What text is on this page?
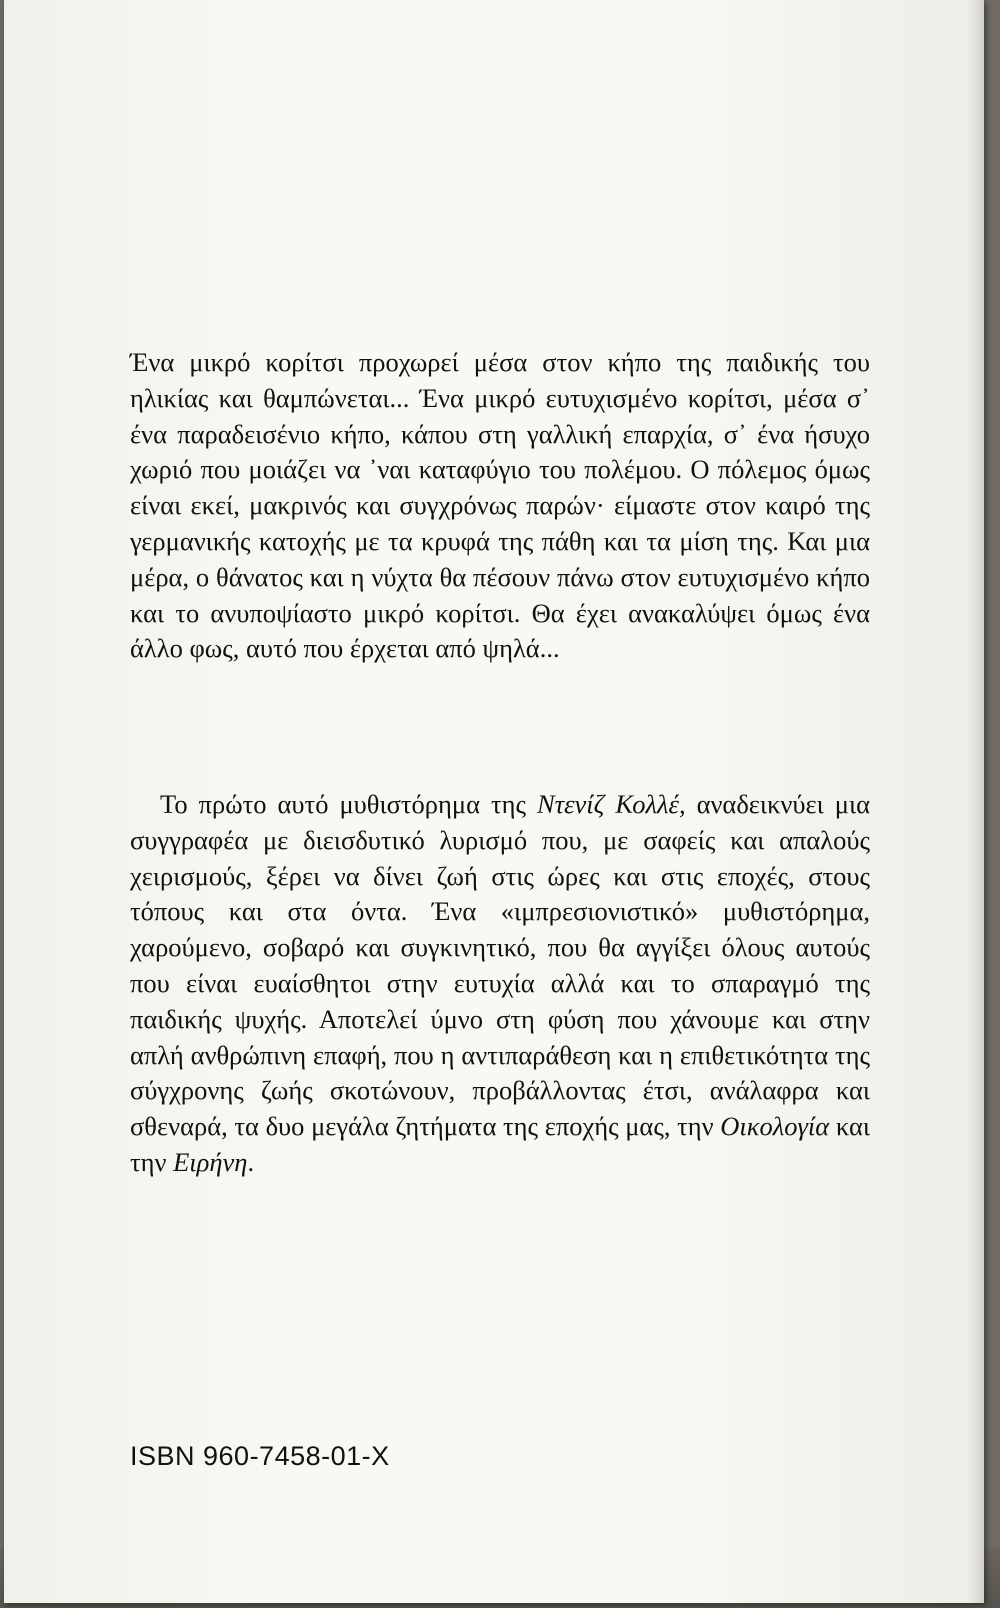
Ένα μικρό κορίτσι προχωρεί μέσα στον κήπο της παιδικής του ηλικίας και θαμπώνεται... Ένα μικρό ευτυχισμένο κορίτσι, μέσα σ᾽ ένα παραδεισένιο κήπο, κάπου στη γαλλική επαρχία, σ᾽ ένα ήσυχο χωριό που μοιάζει να ᾽ναι καταφύγιο του πολέμου. Ο πόλεμος όμως είναι εκεί, μακρινός και συγχρόνως παρών· είμαστε στον καιρό της γερμανικής κατοχής με τα κρυφά της πάθη και τα μίση της. Και μια μέρα, ο θάνατος και η νύχτα θα πέσουν πάνω στον ευτυχισμένο κήπο και το ανυποψίαστο μικρό κορίτσι. Θα έχει ανακαλύψει όμως ένα άλλο φως, αυτό που έρχεται από ψηλά...

Το πρώτο αυτό μυθιστόρημα της Ντενίζ Κολλέ, αναδεικνύει μια συγγραφέα με διεισδυτικό λυρισμό που, με σαφείς και απαλούς χειρισμούς, ξέρει να δίνει ζωή στις ώρες και στις εποχές, στους τόπους και στα όντα. Ένα «ιμπρεσιονιστικό» μυθιστόρημα, χαρούμενο, σοβαρό και συγκινητικό, που θα αγγίξει όλους αυτούς που είναι ευαίσθητοι στην ευτυχία αλλά και το σπαραγμό της παιδικής ψυχής. Αποτελεί ύμνο στη φύση που χάνουμε και στην απλή ανθρώπινη επαφή, που η αντιπαράθεση και η επιθετικότητα της σύγχρονης ζωής σκοτώνουν, προβάλλοντας έτσι, ανάλαφρα και σθεναρά, τα δυο μεγάλα ζητήματα της εποχής μας, την Οικολογία και την Ειρήνη.

ISBN 960-7458-01-X
